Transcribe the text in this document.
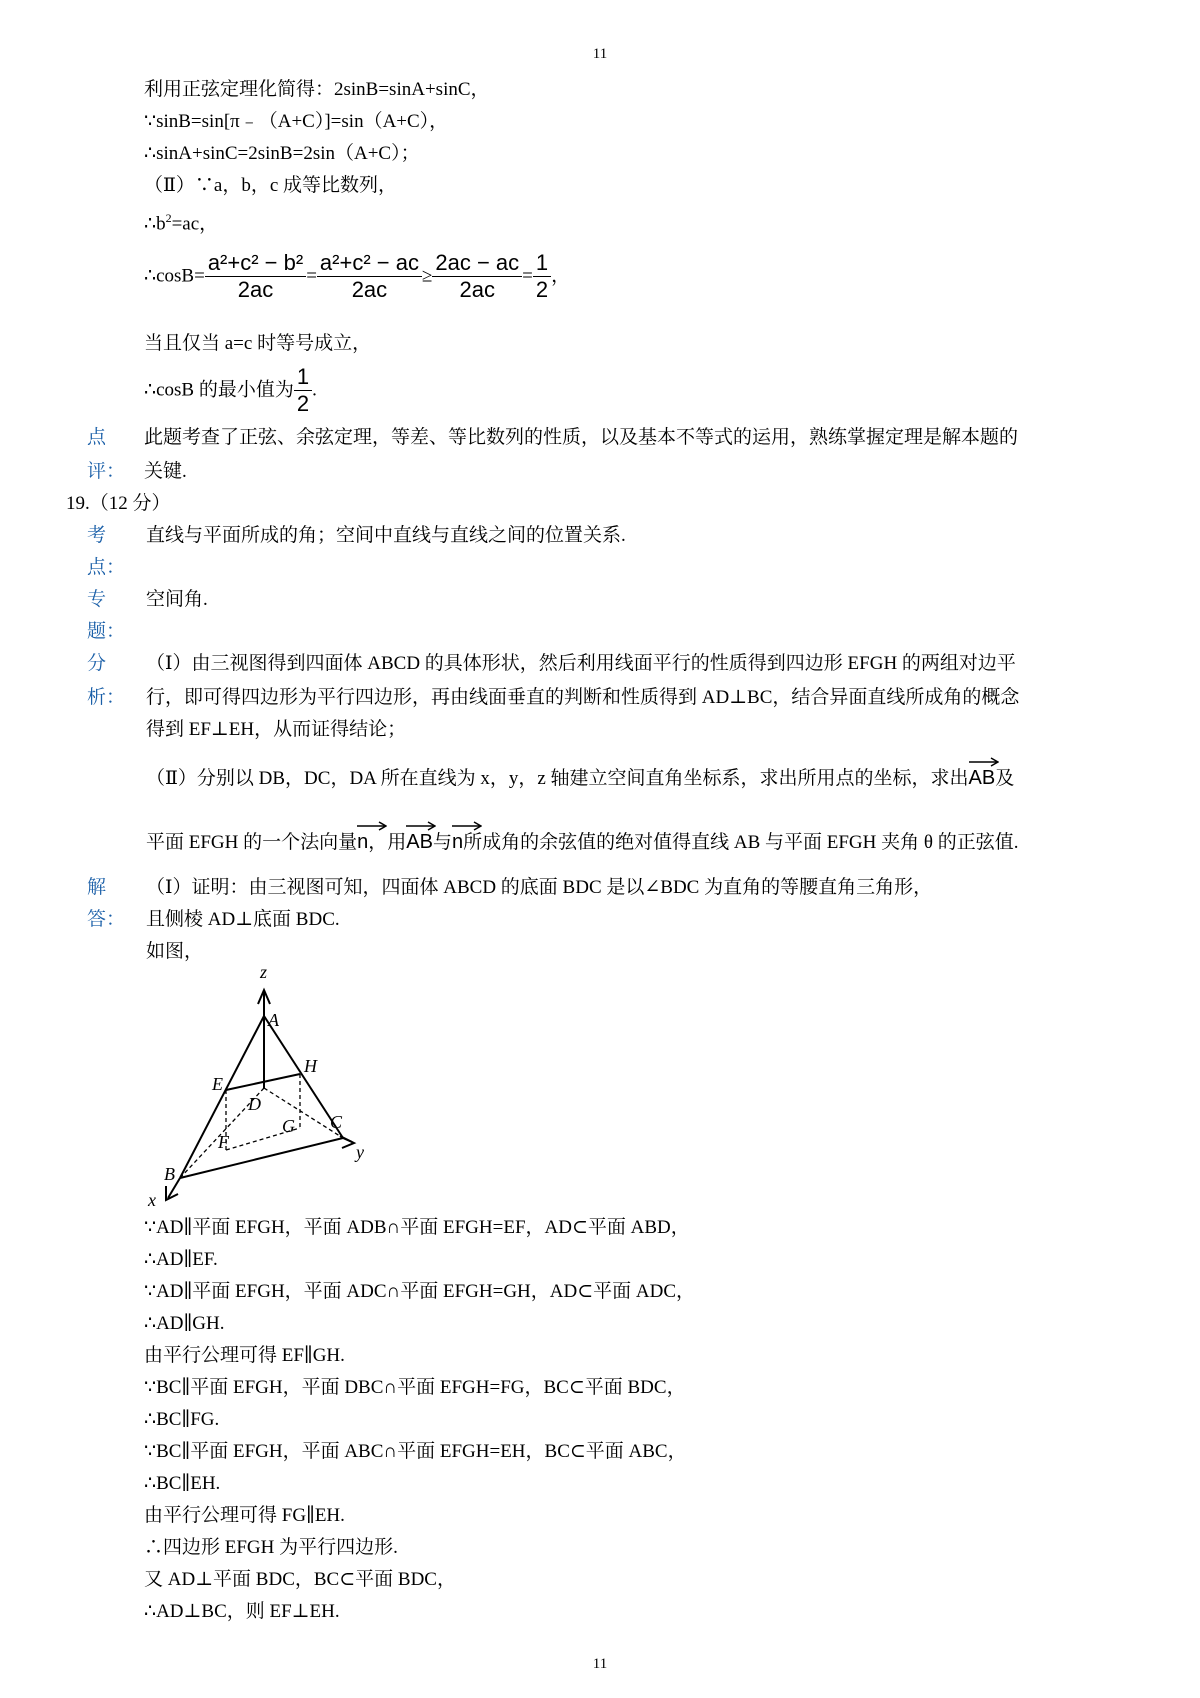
11
利用正弦定理化简得：2sinB=sinA+sinC，
∵sinB=sin[π﹣（A+C）]=sin（A+C），
∴sinA+sinC=2sinB=2sin（A+C）；
（Ⅱ）∵a，b，c 成等比数列，
$\therefore b^2=ac$，
∴cosB= $\frac{\text{a²+c² − b²}}{2ac} = \frac{\text{a²+c² − ac}}{2ac} \ge \frac{2ac - ac}{2ac} = \frac{1}{2}$ ，
当且仅当 a=c 时等号成立，
∴cosB 的最小值为 $\frac{1}{2}$ .
点
评：
此题考查了正弦、余弦定理，等差、等比数列的性质，以及基本不等式的运用，熟练掌握定理是解本题的
关键.
19.（12 分）
考
点：
直线与平面所成的角；空间中直线与直线之间的位置关系.
专
题：
空间角.
分
析：
（Ⅰ）由三视图得到四面体 ABCD 的具体形状，然后利用线面平行的性质得到四边形 EFGH 的两组对边平
行，即可得四边形为平行四边形，再由线面垂直的判断和性质得到 AD⊥BC，结合异面直线所成角的概念
得到 EF⊥EH，从而证得结论；
（Ⅱ）分别以 DB，DC，DA 所在直线为 x，y，z 轴建立空间直角坐标系，求出所用点的坐标，求出
AB及
平面 EFGH 的一个法向量
n，用
AB与
n所成角的余弦值的绝对值得直线 AB 与平面 EFGH 夹角 θ 的正弦值.
解
答：
（Ⅰ）证明：由三视图可知，四面体 ABCD 的底面 BDC 是以∠BDC 为直角的等腰直角三角形，
且侧棱 AD⊥底面 BDC.
如图，
z
A
H
E
D
C
G
F
B
y
x
∵AD∥平面 EFGH，平面 ADB∩平面 EFGH=EF，AD⊂平面 ABD，
∴AD∥EF.
∵AD∥平面 EFGH，平面 ADC∩平面 EFGH=GH，AD⊂平面 ADC，
∴AD∥GH.
由平行公理可得 EF∥GH.
∵BC∥平面 EFGH，平面 DBC∩平面 EFGH=FG，BC⊂平面 BDC，
∴BC∥FG.
∵BC∥平面 EFGH，平面 ABC∩平面 EFGH=EH，BC⊂平面 ABC，
∴BC∥EH.
由平行公理可得 FG∥EH.
∴四边形 EFGH 为平行四边形.
又 AD⊥平面 BDC，BC⊂平面 BDC，
∴AD⊥BC，则 EF⊥EH.
11
